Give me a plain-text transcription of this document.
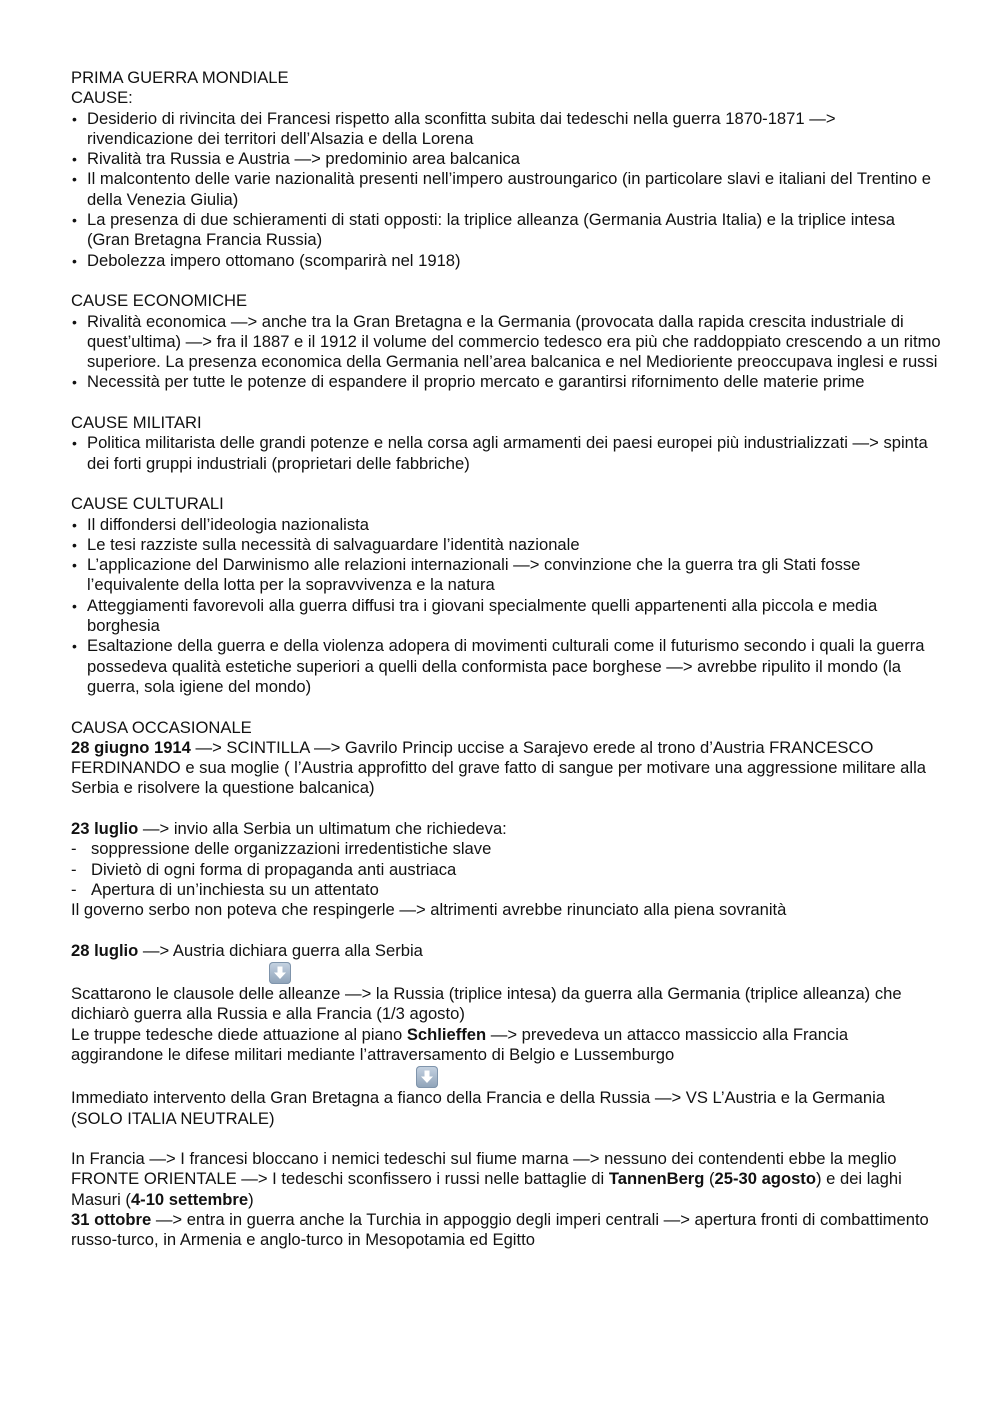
PRIMA GUERRA MONDIALE

CAUSE:

• Desiderio di rivincita dei Francesi rispetto alla sconfitta subita dai tedeschi nella guerra 1870-1871 —> rivendicazione dei territori dell’Alsazia e della Lorena
• Rivalità tra Russia e Austria —> predominio area balcanica
• Il malcontento delle varie nazionalità presenti nell’impero austroungarico (in particolare slavi e italiani del Trentino e della Venezia Giulia)
• La presenza di due schieramenti di stati opposti: la triplice alleanza (Germania Austria Italia) e la triplice intesa (Gran Bretagna Francia Russia)
• Debolezza impero ottomano (scomparirà nel 1918)

CAUSE ECONOMICHE

• Rivalità economica —> anche tra la Gran Bretagna e la Germania (provocata dalla rapida crescita industriale di quest’ultima) —> fra il 1887 e il 1912 il volume del commercio tedesco era più che raddoppiato crescendo a un ritmo superiore. La presenza economica della Germania nell’area balcanica e nel Medioriente preoccupava inglesi e russi
• Necessità per tutte le potenze di espandere il proprio mercato e garantirsi rifornimento delle materie prime

CAUSE MILITARI

• Politica militarista delle grandi potenze e nella corsa agli armamenti dei paesi europei più industrializzati —> spinta dei forti gruppi industriali (proprietari delle fabbriche)

CAUSE CULTURALI

• Il diffondersi dell’ideologia nazionalista
• Le tesi razziste sulla necessità di salvaguardare l’identità nazionale
• L’applicazione del Darwinismo alle relazioni internazionali —> convinzione che la guerra tra gli Stati fosse l’equivalente della lotta per la sopravvivenza e la natura
• Atteggiamenti favorevoli alla guerra diffusi tra i giovani specialmente quelli appartenenti alla piccola e media borghesia
• Esaltazione della guerra e della violenza adopera di movimenti culturali come il futurismo secondo i quali la guerra possedeva qualità estetiche superiori a quelli della conformista pace borghese —> avrebbe ripulito il mondo (la guerra, sola igiene del mondo)

CAUSA OCCASIONALE

28 giugno 1914 —> SCINTILLA —> Gavrilo Princip uccise a Sarajevo erede al trono d’Austria FRANCESCO FERDINANDO e sua moglie ( l’Austria approfitto del grave fatto di sangue per motivare una aggressione militare alla Serbia e risolvere la questione balcanica)

23 luglio —> invio alla Serbia un ultimatum che richiedeva:

- soppressione delle organizzazioni irredentistiche slave
- Divietò di ogni forma di propaganda anti austriaca
- Apertura di un’inchiesta su un attentato

Il governo serbo non poteva che respingerle —> altrimenti avrebbe rinunciato alla piena sovranità

28 luglio —> Austria dichiara guerra alla Serbia

Scattarono le clausole delle alleanze —> la Russia (triplice intesa) da guerra alla Germania (triplice alleanza) che dichiarò guerra alla Russia e alla Francia (1/3 agosto)

Le truppe tedesche diede attuazione al piano Schlieffen —> prevedeva un attacco massiccio alla Francia aggirandone le difese militari mediante l’attraversamento di Belgio e Lussemburgo

Immediato intervento della Gran Bretagna a fianco della Francia e della Russia —> VS L’Austria e la Germania (SOLO ITALIA NEUTRALE)

In Francia —> I francesi bloccano i nemici tedeschi sul fiume marna —> nessuno dei contendenti ebbe la meglio

FRONTE ORIENTALE —> I tedeschi sconfissero i russi nelle battaglie di TannenBerg (25-30 agosto) e dei laghi Masuri (4-10 settembre)

31 ottobre —> entra in guerra anche la Turchia in appoggio degli imperi centrali —> apertura fronti di combattimento russo-turco, in Armenia e anglo-turco in Mesopotamia ed Egitto
